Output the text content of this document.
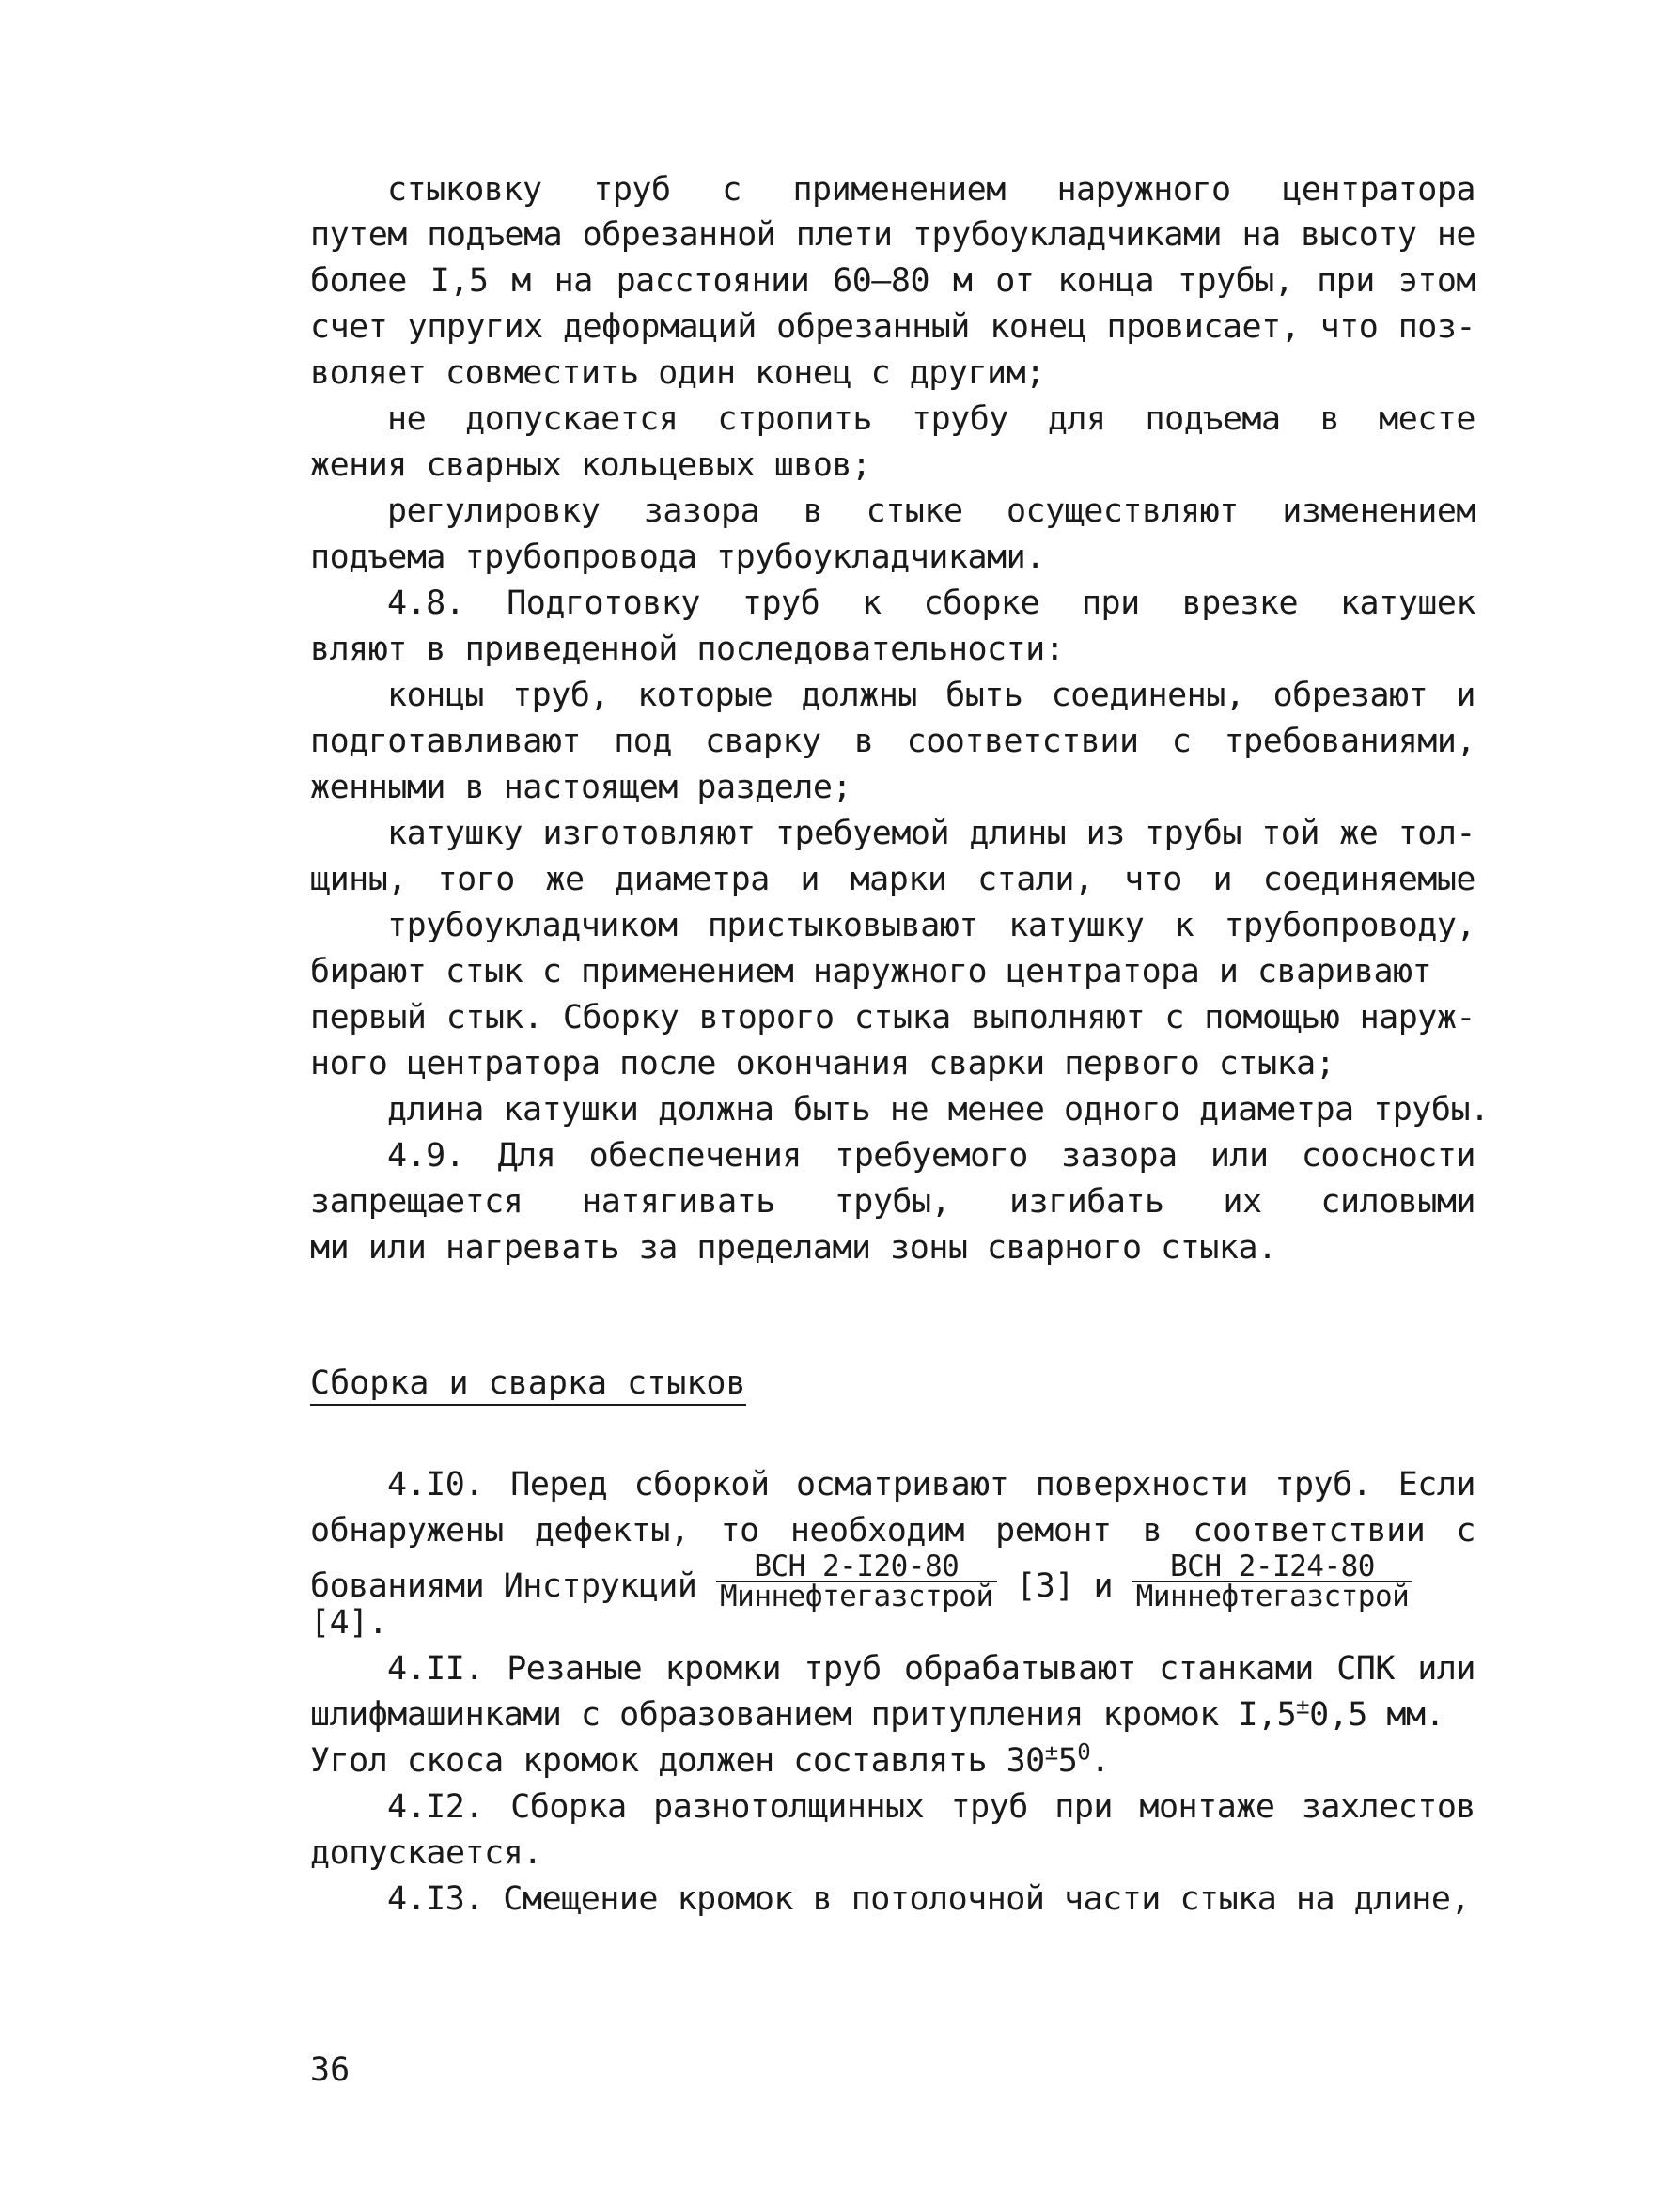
стыковку труб с применением наружного центратора
путем подъема обрезанной плети трубоукладчиками на высоту не
более I,5 м на расстоянии 60–80 м от конца трубы, при этом
счет упругих деформаций обрезанный конец провисает, что поз-
воляет совместить один конец с другим;
не допускается стропить трубу для подъема в месте
жения сварных кольцевых швов;
регулировку зазора в стыке осуществляют изменением
подъема трубопровода трубоукладчиками.
4.8. Подготовку труб к сборке при врезке катушек
вляют в приведенной последовательности:
концы труб, которые должны быть соединены, обрезают и
подготавливают под сварку в соответствии с требованиями,
женными в настоящем разделе;
катушку изготовляют требуемой длины из трубы той же тол-
щины, того же диаметра и марки стали, что и соединяемые
трубоукладчиком пристыковывают катушку к трубопроводу,
бирают стык с применением наружного центратора и сваривают
первый стык. Сборку второго стыка выполняют с помощью наруж-
ного центратора после окончания сварки первого стыка;
длина катушки должна быть не менее одного диаметра трубы.
4.9. Для обеспечения требуемого зазора или соосности
запрещается натягивать трубы, изгибать их силовыми
ми или нагревать за пределами зоны сварного стыка.
Сборка и сварка стыков
4.I0. Перед сборкой осматривают поверхности труб. Если
обнаружены дефекты, то необходим ремонт в соответствии с
бованиями Инструкций $\frac{\text{ВСН 2-I20-80}}{\text{Миннефтегазстрой}} [3]$ и $\frac{\text{ВСН 2-I24-80}}{\text{Миннефтегазстрой}}$
[4].
4.II. Резаные кромки труб обрабатывают станками СПК или
шлифмашинками с образованием притупления кромок I,5±0,5 мм.
Угол скоса кромок должен составлять $30^\pm 5^0$.
4.I2. Сборка разнотолщинных труб при монтаже захлестов
допускается.
4.I3. Смещение кромок в потолочной части стыка на длине,
36
